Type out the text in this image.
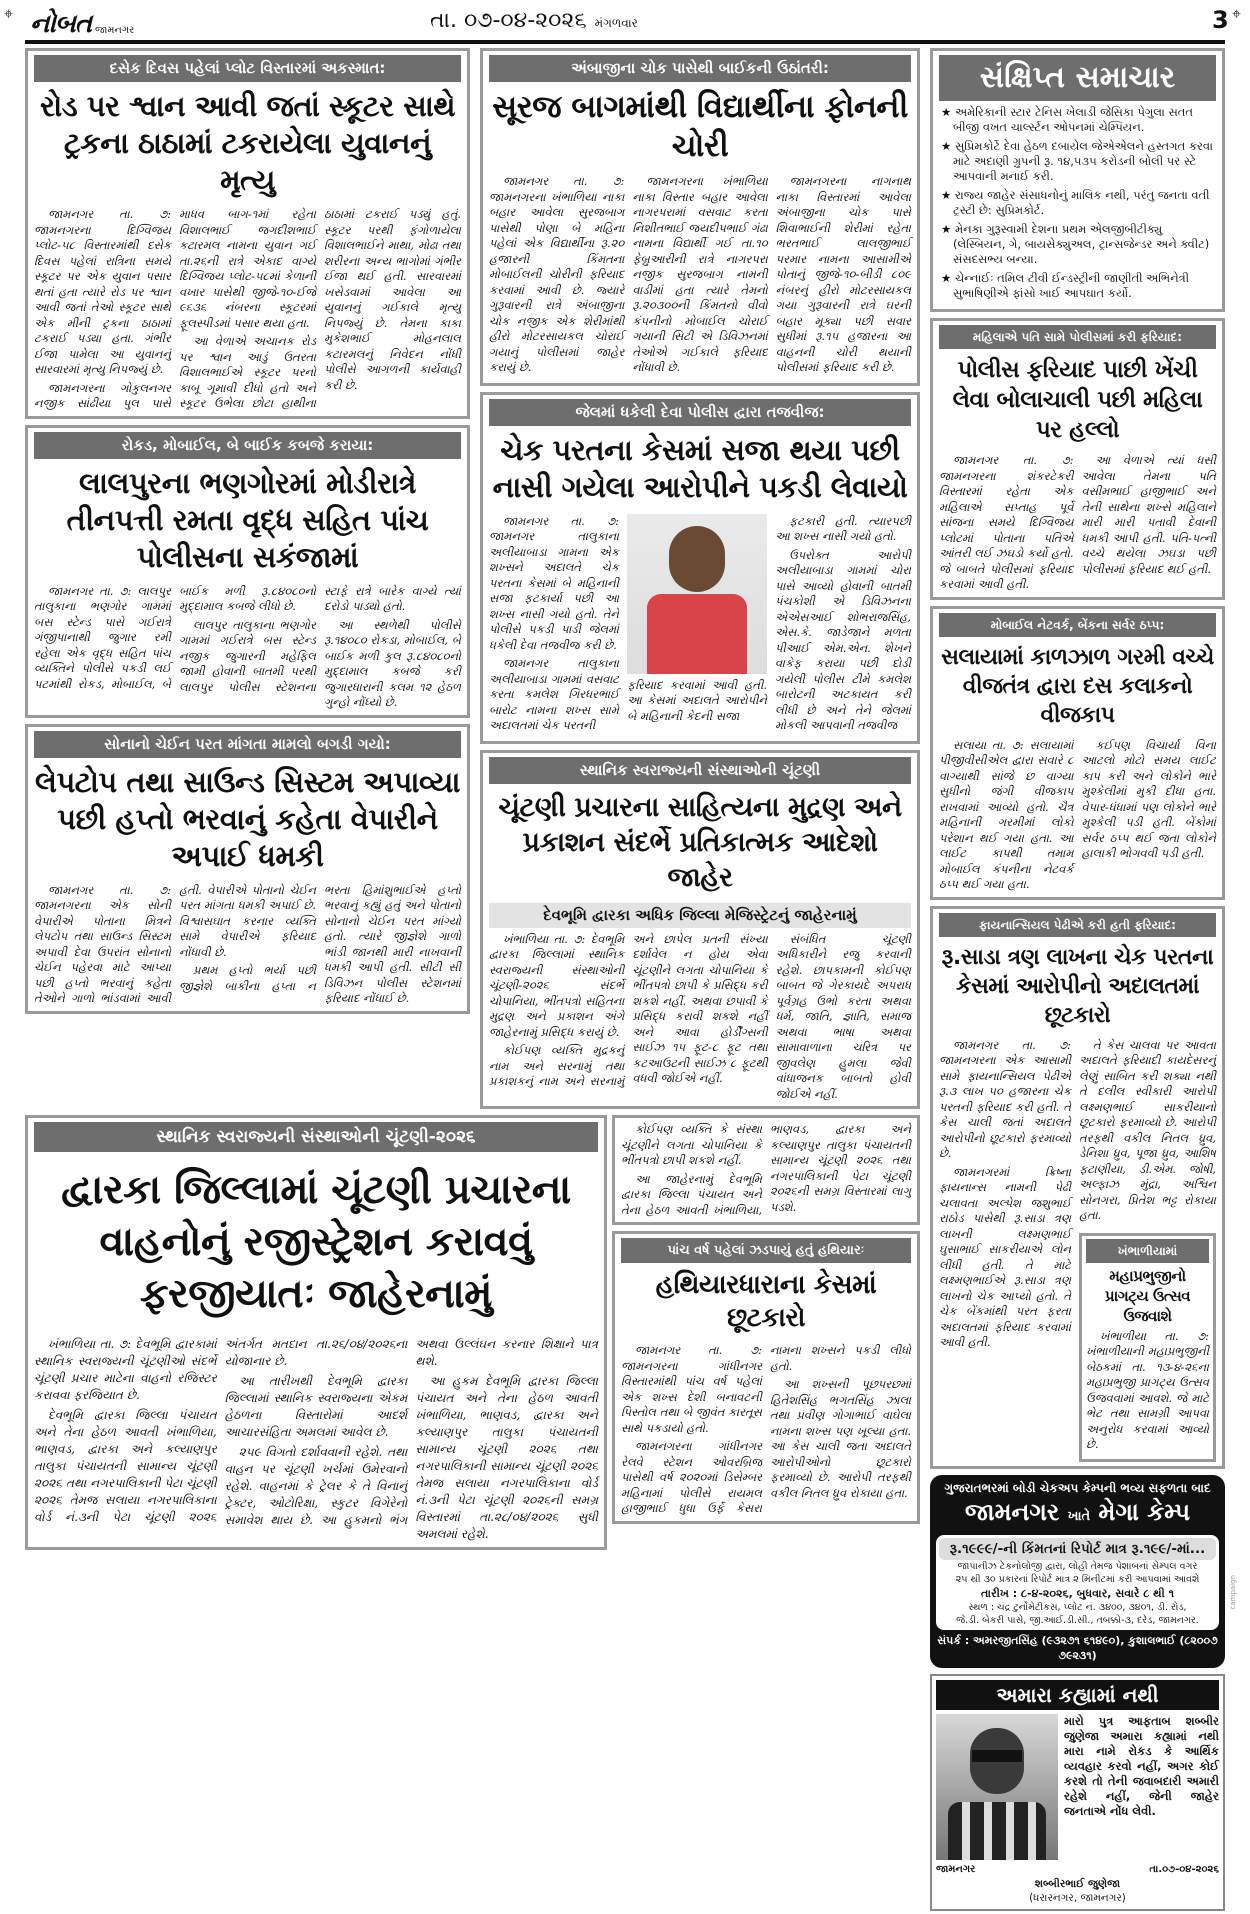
⌖	⌖
નોબત જામનગર	તા. ૦૭-૦૪-૨૦૨૬ મંગળવાર	3
દસેક દિવસ પહેલાં પ્લોટ વિસ્તારમાં અકસ્માત:
રોડ પર શ્વાન આવી જતાં સ્કૂટર સાથે ટ્રકના ઠાઠામાં ટકરાયેલા યુવાનનું મૃત્યુ

જામનગર તા. ૭: જામનગરના દિગ્વિજય પ્લોટ-૫૮ વિસ્તારમાંથી દસેક દિવસ પહેલાં રાત્રિના સમયે સ્કૂટર પર એક યુવાન પસાર થતાં હતા ત્યારે રોડ પર શ્વાન આવી જતાં તેઓ સ્કૂટર સાથે એક મીની ટ્રકના ઠાઠામાં ટકરાઈ પડ્યા હતા. ગંભીર ઈજા પામેલા આ યુવાનનું સારવારમાં મૃત્યુ નિપજ્યું છે.

જામનગરના ગોકુલનગર નજીક સાંઢીયા પુલ પાસે માધવ બાગ-૧માં રહેતા વિશાલભાઈ જગદીશભાઈ કટારમલ નામના યુવાન ગઈ તા.૨૬ની રાત્રે એકાદ વાગ્યે દિગ્વિજય પ્લોટ-૫૮માં કેળાની વખાર પાસેથી જીજે-૧૦-ઈજે ૯૬૩૬ નંબરના સ્કૂટરમાં ફૂલસ્પીડમાં પસાર થયા હતા.

આ વેળાએ અચાનક રોડ પર શ્વાન આડું ઉતરતા વિશાલભાઈએ સ્કૂટર પરનો કાબૂ ગૂમાવી દીધો હતો અને સ્કૂટર ઉભેલા છોટા હાથીના ઠાઠામાં ટકરાઈ પડ્યું હતું. સ્કૂટર પરથી ફંગોળાયેલા વિશાલભાઈને માથા, મોઢા તથા શરીરના અન્ય ભાગોમાં ગંભીર ઈજા થઈ હતી. સારવારમાં ખસેડવામાં આવેલા આ યુવાનનું ગઈકાલે મૃત્યુ નિપજ્યું છે. તેમના કાકા મુકેશભાઈ મોહનલાલ કટારમલનું નિવેદન નોંધી પોલીસે આગળની કાર્યવાહી કરી છે.

રોકડ, મોબાઈલ, બે બાઈક કબજે કરાયા:
લાલપુરના ભણગોરમાં મોડીરાત્રે તીનપત્તી રમતા વૃદ્ધ સહિત પાંચ પોલીસના સકંજામાં

જામનગર તા. ૭: લાલપુર તાલુકાના ભણગોર ગામમાં બસ સ્ટેન્ડ પાસે ગઈરાત્રે ગંજીપાનાથી જુગાર રમી રહેલા એક વૃદ્ધ સહિત પાંચ વ્યક્તિને પોલીસે પકડી લઈ પટમાંથી રોકડ, મોબાઈલ, બે બાઈક મળી રૂ.૮૪૦૮૦નો મુદ્દામાલ કબજે લીધો છે.

લાલપુર તાલુકાના ભણગોર ગામમાં ગઈરાત્રે બસ સ્ટેન્ડ નજીક જુગારની મહેફિલ જામી હોવાની બાતમી પરથી લાલપુર પોલીસ સ્ટેશનના સ્ટાફે રાત્રે બારેક વાગ્યે ત્યાં દરોડો પાડ્યો હતો.

આ સ્થળેથી પોલીસે રૂ.૧૪૦૮૦ રોકડા, મોબાઈલ, બે બાઈક મળી કુલ રૂ.૮૪૦૮૦નો મુદ્દામાલ કબજે કરી જુગારધારાની કલમ ૧૨ હેઠળ ગુન્હો નોંધ્યો છે.

સોનાનો ચેઈન પરત માંગતા મામલો બગડી ગયો:
લેપટોપ તથા સાઉન્ડ સિસ્ટમ અપાવ્યા પછી હપ્તો ભરવાનું કહેતા વેપારીને અપાઈ ધમકી

જામનગર તા. ૭: જામનગરના એક સોની વેપારીએ પોતાના મિત્રને લેપટોપ તથા સાઉન્ડ સિસ્ટમ અપાવી દેવા ઉપરાંત સોનાનો ચેઈન પહેરવા માટે આપ્યા પછી હપ્તો ભરવાનું કહેતા તેઓને ગાળો ભાંડવામાં આવી હતી. વેપારીએ પોતાનો ચેઈન પરત માંગતા ધમકી અપાઈ છે. વિશ્વાસઘાત કરનાર વ્યક્તિ સામે વેપારીએ ફરિયાદ નોંધાવી છે.

પ્રથમ હપ્તો ભર્યા પછી જીજ્ઞેશે બાકીના હપ્તા ન ભરતા હિમાંશુભાઈએ હપ્તો ભરવાનું કહ્યું હતું અને પોતાનો સોનાનો ચેઈન પરત માંગ્યો હતો. ત્યારે જીજ્ઞેશે ગાળો ભાંડી જાનથી મારી નાખવાની ધમકી આપી હતી. સીટી સી ડિવિઝન પોલીસ સ્ટેશનમાં ફરિયાદ નોંધાઈ છે.

અંબાજીના ચોક પાસેથી બાઈકની ઉઠાંતરી:
સૂરજ બાગમાંથી વિદ્યાર્થીના ફોનની ચોરી

જામનગર તા. ૭: જામનગરના ખંભાળિયા નાકા બહાર આવેલા સુરજબાગ પાસેથી પોણા બે મહિના પહેલાં એક વિદ્યાર્થીના રૂ.૨૦ હજારની કિંમતના મોબાઈલની ચોરીની ફરિયાદ કરવામાં આવી છે. જ્યારે ગુરૂવારની રાત્રે અંબાજીના ચોક નજીક એક શેરીમાંથી હીરો મોટરસાયકલ ચોરાઈ ગયાનું પોલીસમાં જાહેર કરાયું છે.

જામનગરના ખંભાળિયા નાકા વિસ્તાર બહાર આવેલા નાગરપરામાં વસવાટ કરતા નિશીતભાઈ જયદીપભાઈ ગંઢા નામના વિદ્યાર્થી ગઈ તા.૧૦ ફેબ્રુઆરીની રાત્રે નાગરપરા નજીક સુરજબાગ નામની વાડીમાં હતા ત્યારે તેમનો રૂ.૨૦૩૦૦ની કિંમતનો વીવો કંપનીનો મોબાઈલ ચોરાઈ ગયાની સિટી એ ડિવિઝનમાં તેઓએ ગઈકાલે ફરિયાદ નોંધાવી છે.

જામનગરના નાગનાથ નાકા વિસ્તારમાં આવેલા અંબાજીના ચોક પાસે શિવાભાઈની શેરીમાં રહેતા ભરતભાઈ લાલજીભાઈ પરમાર નામના આસામીએ પોતાનું જીજે-૧૦-બીડી ૮૦૯ નંબરનું હીરો મોટરસાયકલ ગયા ગુરૂવારની રાત્રે ઘરની બહાર મૂક્યા પછી સવાર સુધીમાં રૂ.૧૫ હજારના આ વાહનની ચોરી થયાની પોલીસમાં ફરિયાદ કરી છે.

જેલમાં ધકેલી દેવા પોલીસ દ્વારા તજવીજ:
ચેક પરતના કેસમાં સજા થયા પછી નાસી ગયેલા આરોપીને પકડી લેવાયો

જામનગર તા. ૭: જામનગર તાલુકાના અલીયાબાડા ગામના એક શખ્સને અદાલતે ચેક પરતના કેસમાં બે મહિનાની સજા ફટકાર્યા પછી આ શખ્સ નાસી ગયો હતો. તેને પોલીસે પકડી પાડી જેલમાં ધકેલી દેવા તજવીજ કરી છે.

જામનગર તાલુકાના અલીયાબાડા ગામમાં વસવાટ કરતા કમલેશ ગિરધરભાઈ બારોટ નામના શખ્સ સામે અદાલતમાં ચેક પરતની

ફરિયાદ કરવામાં આવી હતી. આ કેસમાં અદાલતે આરોપીને બે મહિનાની કેદની સજા

ફટકારી હતી. ત્યારપછી આ શખ્સ નાસી ગયો હતો.

ઉપરોક્ત આરોપી અલીયાબાડા ગામમાં ચોરા પાસે આવ્યો હોવાની બાતમી પંચકોશી એ ડિવિઝનના એએસઆઈ શોભરાજસિંહ, એસ.કે. જાડેજાને મળતા પીઆઈ એમ.એન. શેખને વાકેફ કરાયા પછી દોડી ગયેલી પોલીસ ટીમે કમલેશ બારોટની અટકાયત કરી લીધી છે અને તેને જેલમાં મોકલી આપવાની તજવીજ

સ્થાનિક સ્વરાજ્યની સંસ્થાઓની ચૂંટણી
ચૂંટણી પ્રચારના સાહિત્યના મુદ્રણ અને પ્રકાશન સંદર્ભે પ્રતિકાત્મક આદેશો જાહેર
દેવભૂમિ દ્વારકા અધિક જિલ્લા મેજિસ્ટ્રેટનું જાહેરનામું

ખંભાળિયા તા. ૭: દેવભૂમિ દ્વારકા જિલ્લામાં સ્થાનિક સ્વરાજ્યની સંસ્થાઓની ચૂંટણી-૨૦૨૬ સંદર્ભે ચોપાનિયા, ભીંતપત્રો સહિતના મુદ્રણ અને પ્રકાશન અંગે જાહેરનામું પ્રસિદ્ધ કરાયું છે.

કોઈપણ વ્યક્તિ મુદ્રકનું નામ અને સરનામું તથા પ્રકાશકનું નામ અને સરનામું અને છાપેલ પ્રતની સંખ્યા દર્શાવેલ ન હોય એવા ચૂંટણીને લગતા ચોપાનિયા કે ભીંતપત્રો છાપી કે પ્રસિદ્ધ કરી શકશે નહીં. અથવા છપાવી કે પ્રસિદ્ધ કરાવી શકશે નહીં અને આવા હોર્ડીંગ્સની સાઈઝ ૧૫ ફૂટ-૮ ફૂટ તથા કટઆઉટની સાઈઝ ૮ ફૂટથી વધવી જોઈએ નહીં.

સંબંધિત ચૂંટણી અધિકારીને રજુ કરવાની રહેશે. છાપકામની કોઈપણ બાબત જે ગેરકાયદે અપરાધ પૂર્વગ્રહ ઉભો કરતા અથવા ધર્મ, જાતિ, જ્ઞાતિ, સમાજ અથવા ભાષા અથવા સામાવાળાના ચરિત્ર પર જીવલેણ હુમલા જેવી વાંધાજનક બાબતો હોવી જોઈએ નહીં.

સ્થાનિક સ્વરાજ્યની સંસ્થાઓની ચૂંટણી-૨૦૨૬
દ્વારકા જિલ્લામાં ચૂંટણી પ્રચારના વાહનોનું રજીસ્ટ્રેશન કરાવવું ફરજીયાતઃ જાહેરનામું

ખંભાળિયા તા. ૭: દેવભૂમિ દ્વારકામાં સ્થાનિક સ્વરાજ્યની ચૂંટણીઓ સંદર્ભે ચૂંટણી પ્રચાર માટેના વાહનો રજિસ્ટર કરાવવા ફરજિયાત છે.

દેવભૂમિ દ્વારકા જિલ્લા પંચાયત અને તેના હેઠળ આવતી ખંભાળિયા, ભાણવડ, દ્વારકા અને કલ્યાણપુર તાલુકા પંચાયતની સામાન્ય ચૂંટણી ૨૦૨૬ તથા નગરપાલિકાની પેટા ચૂંટણી ૨૦૨૬ તેમજ સલાયા નગરપાલિકાના વોર્ડ નં.૩ની પેટા ચૂંટણી ૨૦૨૬ અંતર્ગત મતદાન તા.૨૬/૦૪/૨૦૨૬ના યોજાનાર છે.

આ તારીખથી દેવભૂમિ દ્વારકા જિલ્લામાં સ્થાનિક સ્વરાજ્યના એકમ હેઠળના વિસ્તારોમાં આદર્શ આચારસંહિતા અમલમાં આવેલ છે.

૨૫૯ વિગતો દર્શાવવાની રહેશે. તથા વાહન પર ચૂંટણી ખર્ચમાં ઉમેરવાનો રહેશે. વાહનમાં કે ટ્રેલર કે તે વિનાનું ટ્રેક્ટર, ઓટોરિક્ષા, સ્કુટર વિગેરેનો સમાવેશ થાય છે. આ હુકમનો ભંગ અથવા ઉલ્લંઘન કરનાર શિક્ષાને પાત્ર થશે.

આ હુકમ દેવભૂમિ દ્વારકા જિલ્લા પંચાયત અને તેના હેઠળ આવતી ખંભાળિયા, ભાણવડ, દ્વારકા અને કલ્યાણપુર તાલુકા પંચાયતની સામાન્ય ચૂંટણી ૨૦૨૬ તથા નગરપાલિકાની સામાન્ય ચૂંટણી ૨૦૨૬ તેમજ સલાયા નગરપાલિકાના વોર્ડ નં.૩ની પેટા ચૂંટણી ૨૦૨૬ની સમગ્ર વિસ્તારમાં તા.૨૮/૦૪/૨૦૨૬ સુધી અમલમાં રહેશે.

કોઈપણ વ્યક્તિ કે સંસ્થા ચૂંટણીને લગતા ચોપાનિયા કે ભીંતપત્રો છાપી શકશે નહીં.

આ જાહેરનામું દેવભૂમિ દ્વારકા જિલ્લા પંચાયત અને તેના હેઠળ આવતી ખંભાળિયા, ભાણવડ, દ્વારકા અને કલ્યાણપુર તાલુકા પંચાયતની સામાન્ય ચૂંટણી ૨૦૨૬ તથા નગરપાલિકાની પેટા ચૂંટણી ૨૦૨૬ની સમગ્ર વિસ્તારમાં લાગુ પડશે.

પાંચ વર્ષ પહેલાં ઝડપાયું હતું હથિયારઃ
હથિયારધારાના કેસમાં છૂટકારો

જામનગર તા. ૭: જામનગરના ગાંધીનગર વિસ્તારમાંથી પાંચ વર્ષ પહેલાં એક શખ્સ દેશી બનાવટની પિસ્તોલ તથા બે જીવંત કારતૂસ સાથે પકડાયો હતો.

જામનગરના ગાંધીનગર રેલવે સ્ટેશન ઓવરબ્રિજ પાસેથી વર્ષ ૨૦૨૦માં ડિસેમ્બર મહિનામાં પોલીસે રાયમલ હાજીભાઈ ધુધા ઉર્ફે કેસરા નામના શખ્સને પકડી લીધો હતો.

આ શખ્સની પૂછપરછમાં હિતેશસિંહ ભગતસિંહ ઝાલા તથા પ્રવીણ ગોગાભાઈ વાઘેલા નામના શખ્સ પણ ખૂલ્યા હતા. આ કેસ ચાલી જતા અદાલતે આરોપીઓનો છૂટકારો ફરમાવ્યો છે. આરોપી તરફથી વકીલ નિતલ ધ્રુવ રોકાયા હતા.

સંક્ષિપ્ત સમાચાર
★ અમેરિકાની સ્ટાર ટેનિસ ખેલાડી જેસિકા પેગુલા સતત બીજી વખત ચાર્લ્સ્ટન ઓપનમાં ચેમ્પિયન.
★ સુપ્રિમકોર્ટે દેવા હેઠળ દબાયેલ જેએએલને હસ્તગત કરવા માટે અદાણી ગ્રુપની રૂ. ૧૪,૫૩૫ કરોડની બોલી પર સ્ટે આપવાની મનાઈ કરી.
★ રાજ્ય જાહેર સંસાધનોનું માલિક નથી, પરંતુ જનતા વતી ટ્રસ્ટી છે: સુપ્રિમકોર્ટ.
★ મેનકા ગુરૂસ્વામી દેશના પ્રથમ એલજીબીટીક્યુ (લેસ્બિયન, ગે, બાયસેક્યુઅલ, ટ્રાન્સજેન્ડર અને ક્વીટ) સંસદસભ્ય બન્યા.
★ ચેન્નાઈઃ તમિલ ટીવી ઈન્ડસ્ટ્રીની જાણીતી અભિનેત્રી સુભાષિણીએ ફાંસો ખાઈ આપઘાત કર્યો.
મહિલાએ પતિ સામે પોલીસમાં કરી ફરિયાદ:
પોલીસ ફરિયાદ પાછી ખેંચી લેવા બોલાચાલી પછી મહિલા પર હલ્લો

જામનગર તા. ૭: જામનગરના શંકરટેકરી વિસ્તારમાં રહેતા એક મહિલાએ સપ્તાહ પૂર્વે સાંજના સમયે દિગ્વિજય પ્લોટમાં પોતાના પતિએ આંતરી લઈ ઝઘડો કર્યો હતો. જે બાબતે પોલીસમાં ફરિયાદ કરવામાં આવી હતી.

આ વેળાએ ત્યાં ધસી આવેલા તેમના પતિ વસીમભાઈ હાજીભાઈ અને તેની સાથેના શખ્સે મહિલાને મારી મારી પતાવી દેવાની ધમકી આપી હતી. પતિ-પત્ની વચ્ચે થયેલા ઝઘડા પછી પોલીસમાં ફરિયાદ થઈ હતી.

મોબાઈલ નેટવર્ક, બેંકના સર્વર ઠપ્પ:
સલાયામાં કાળઝાળ ગરમી વચ્ચે વીજતંત્ર દ્વારા દસ કલાકનો વીજકાપ

સલાયા તા. ૭: સલાયામાં પીજીવીસીએલ દ્વારા સવારે ૮ વાગ્યાથી સાંજે છ વાગ્યા સુધીનો જંગી વીજકાપ રાખવામાં આવ્યો હતો. ચૈત્ર મહિનાની ગરમીમાં લોકો પરેશાન થઈ ગયા હતા. આ લાઈટ કાપથી તમામ મોબાઈલ કંપનીના નેટવર્ક ઠપ્પ થઈ ગયા હતા.

કઈપણ વિચાર્યા વિના આટલો મોટો સમય લાઈટ કાપ કરી અને લોકોને ભારે મુશ્કેલીમાં મુકી દીધા હતા. વેપાર-ધંધામાં પણ લોકોને ભારે મુશ્કેલી પડી હતી. બેંકોમાં સર્વર ઠપ્પ થઈ જતા લોકોને હાલાકી ભોગવવી પડી હતી.

ફાયનાન્સિયલ પેઢીએ કરી હતી ફરિયાદ:
રૂ.સાડા ત્રણ લાખના ચેક પરતના કેસમાં આરોપીનો અદાલતમાં છૂટકારો

જામનગર તા. ૭: જામનગરના એક આસામી સામે ફાયનાન્સિયલ પેઢીએ રૂ.૩ લાખ ૫૦ હજારના ચેક પરતની ફરિયાદ કરી હતી. તે કેસ ચાલી જતાં અદાલતે આરોપીનો છૂટકારો ફરમાવ્યો છે.

જામનગરમાં ક્રિષ્ના ફાયનાન્સ નામની પેઢી ચલાવતા અલ્પેશ જશુભાઈ રાઠોડ પાસેથી રૂ.સાડા ત્રણ લાખની લક્ષ્મણભાઈ ઘુસાભાઈ સાકરીયાએ લોન લીધી હતી. તે માટે લક્ષ્મણભાઈએ રૂ.સાડા ત્રણ લાખનો ચેક આપ્યો હતો. તે ચેક બેંકમાંથી પરત ફરતા અદાલતમાં ફરિયાદ કરવામાં આવી હતી.

તે કેસ ચાલવા પર આવતા અદાલતે ફરિયાદી કાયદેસરનું લેણું સાબિત કરી શક્યા નથી તે દલીલ સ્વીકારી આરોપી લક્ષ્મણભાઈ સાકરીયાનો છૂટકારો ફરમાવ્યો છે. આરોપી તરફથી વકીલ નિતલ ધ્રુવ, ડેનિશા ધ્રુવ, પૂજા ધ્રુવ, આશિષ ફટાણીયા, ડી.એમ. જોષી, અલ્ફાઝ મુંદ્રા, અશ્વિન સોનગરા, પ્રિતેશ ભટ્ટ રોકાયા હતા.

ખંભાળીયામાં
મહાપ્રભુજીનો પ્રાગટ્ય ઉત્સવ ઉજવાશે

ખંભાળીયા તા. ૭: ખંભાળીયાની મહાપ્રભુજીની બેઠકમાં તા. ૧૩-૪-૨૬ના મહાપ્રભુજી પ્રાગટ્ય ઉત્સવ ઉજવવામાં આવશે. જે માટે ભેટ તથા સામગ્રી આપવા અનુરોધ કરવામાં આવ્યો છે.

ગુજરાતભરમાં બોડી ચેકઅપ કેમ્પની ભવ્ય સફળતા બાદ
જામનગર ખાતે મેગા કેમ્પ
રૂ.૧૯૯૯/-ની કિંમતનાં રિપોર્ટ માત્ર રૂ.૧૯૯/-માં...
જાપાનીઝ ટેકનોલોજી દ્વારા, લોહી તેમજ પેશાબનાં સેમ્પલ વગર
૨૫ થી ૩૦ પ્રકારનાં રિપોર્ટ માત્ર ૨ મિનીટમાં કરી આપવામાં આવશે
તારીખ : ૮-૪-૨૦૨૬, બુધવાર, સવારે ૮ થી ૧
સ્થળ : ચંદ્ર ટુર્નોમેટીકસ, પ્લોટ નં. ૩૪૦૦, ૩૪૦૧, ડી. રોડ,
જે.ડી. બેકરી પાસે, જી.આઈ.ડી.સી., તબક્કો-૩, દરેડ, જામનગર.
સંપર્ક : અમરજીતસિંહ (૯૩૨૭૧ ૬૧૪૯૦), કુશાલભાઈ (૮૨૦૦૭ ૭૯૨૩૧)
campaign
અમારા કહ્યામાં નથી
મારો પુત્ર આફતાબ શબ્બીર જુણેજા અમારા કહ્યામાં નથી મારા નામે રોકડ કે આર્થિક વ્યવહાર કરવો નહીં, અગર કોઈ કરશે તો તેની જવાબદારી અમારી રહેશે નહીં, જેની જાહેર જનતાએ નોંધ લેવી.
જામનગર	તા.૦૭-૦૪-૨૦૨૬
શબ્બીરભાઈ જુણેજા
(ધરારનગર, જામનગર)
